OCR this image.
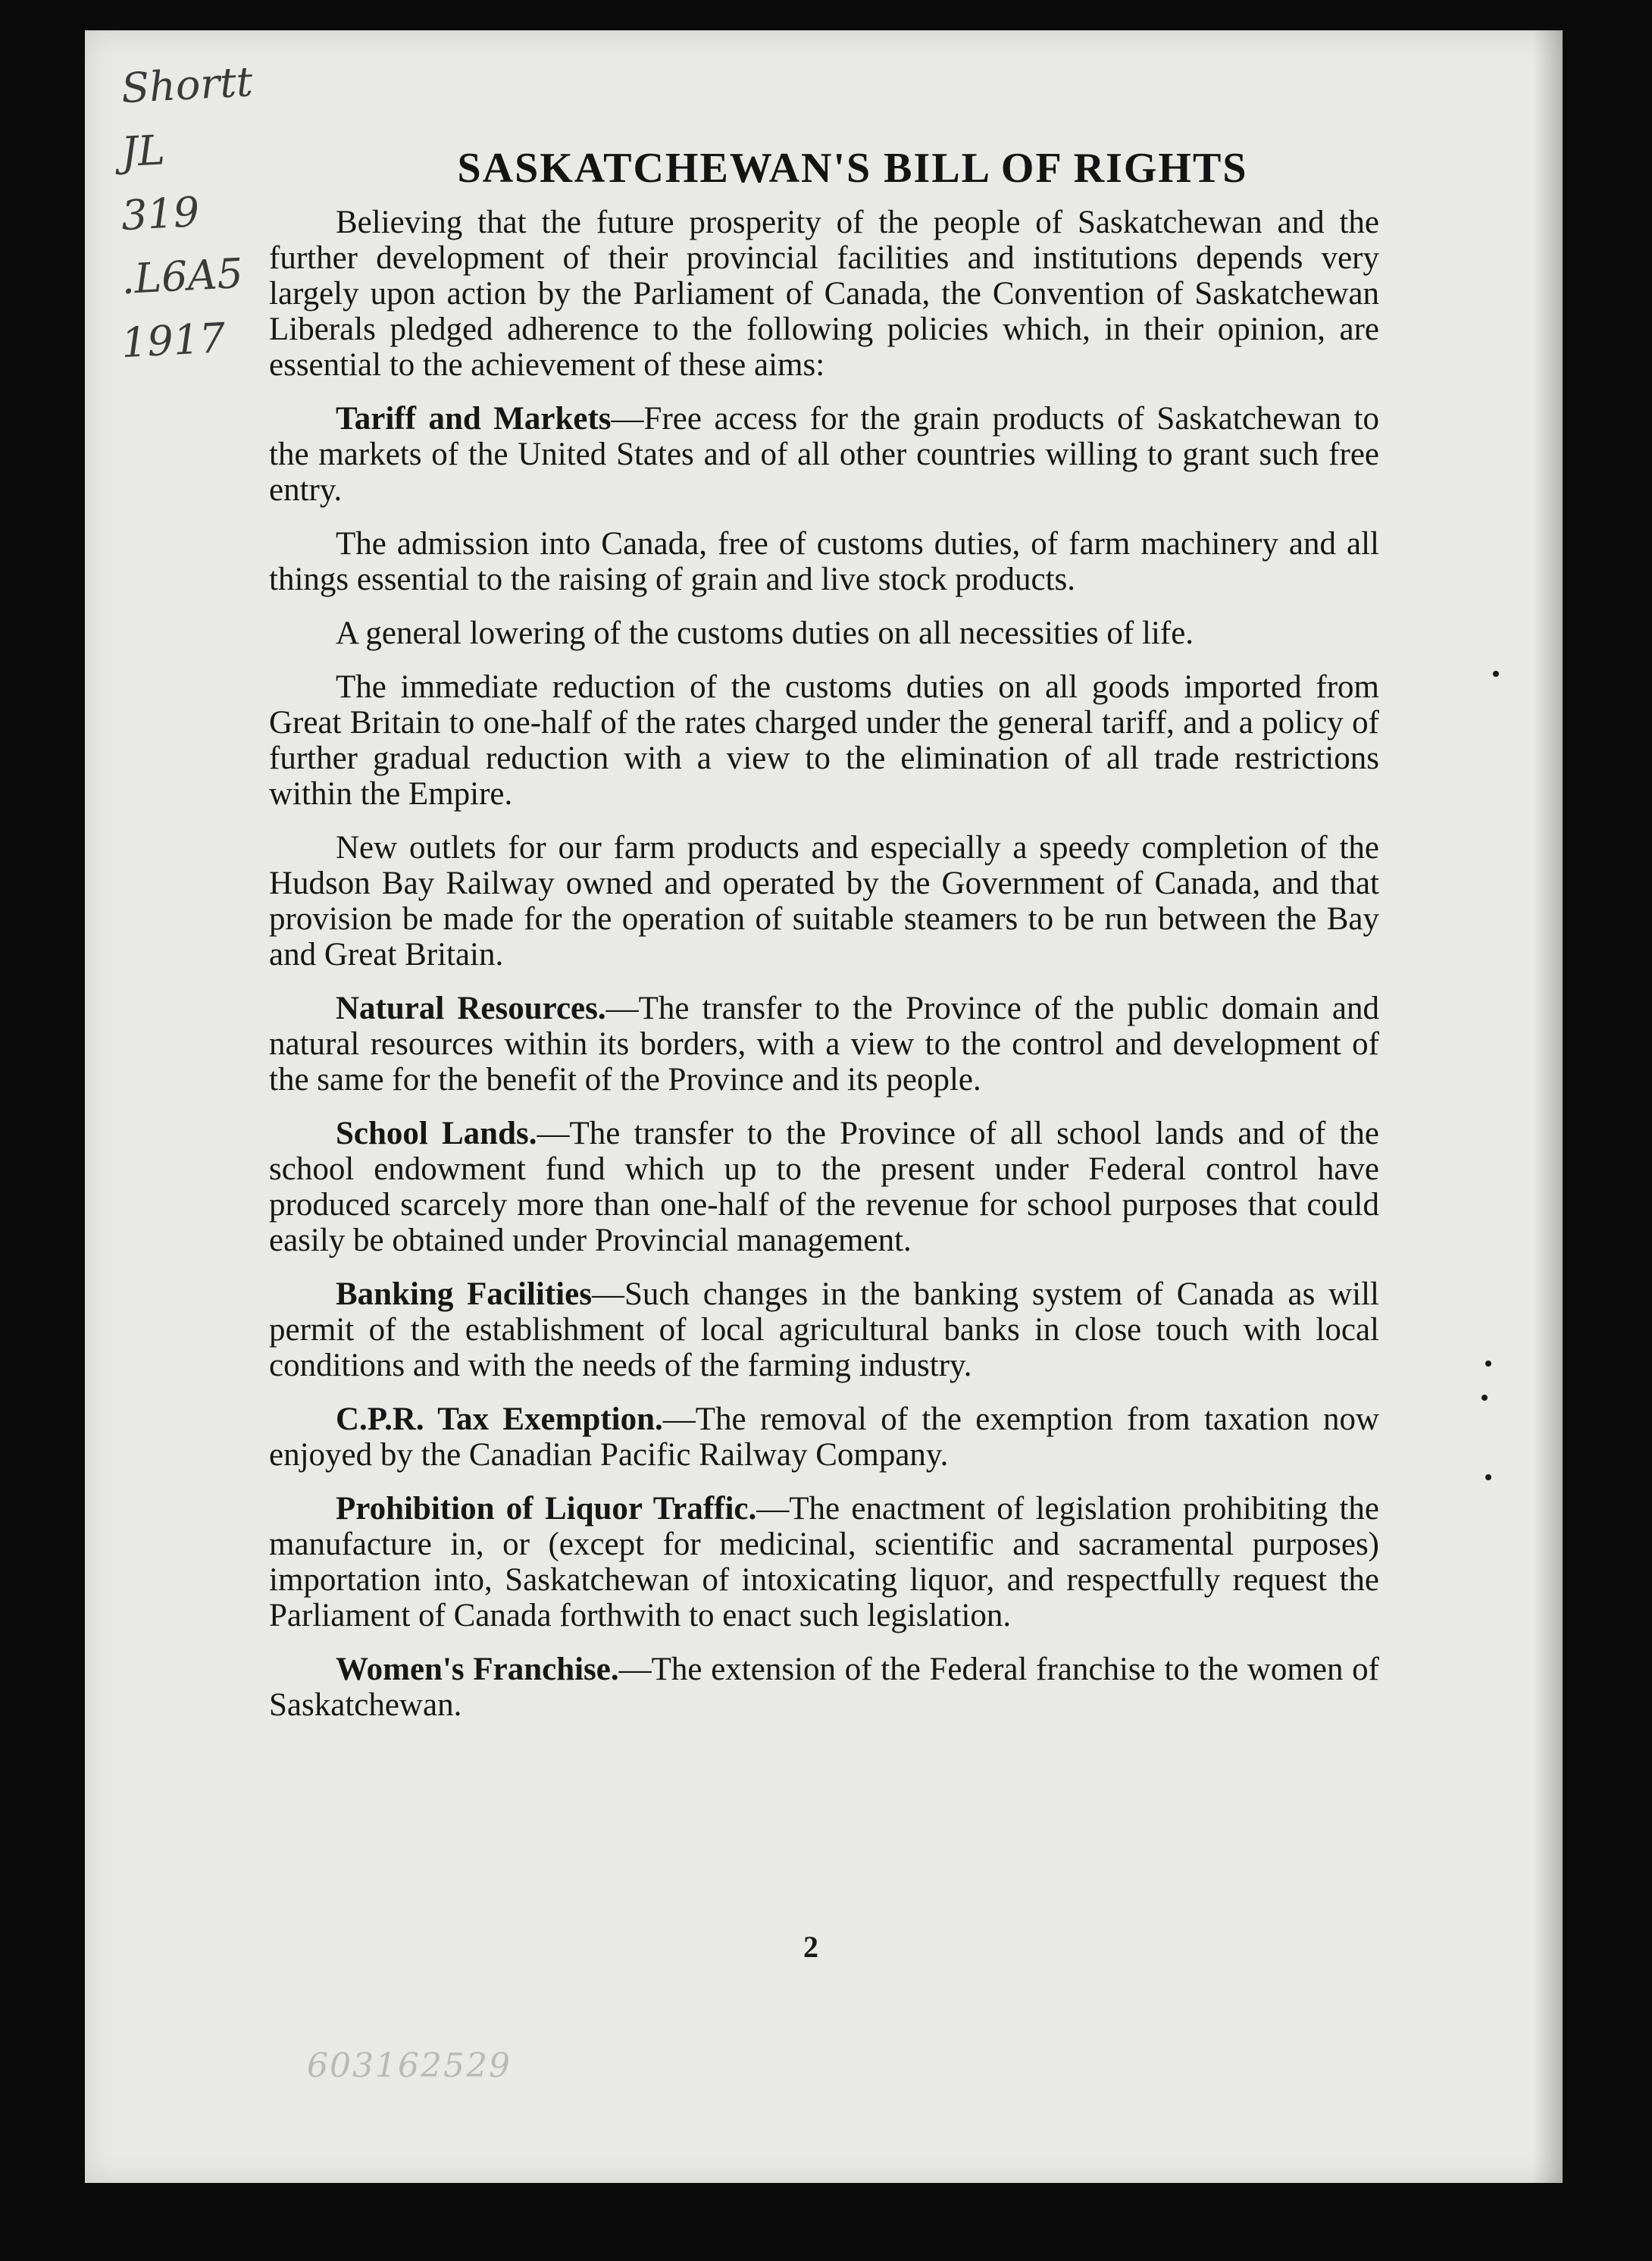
Shortt
JL
319
.L6A5
1917
SASKATCHEWAN'S BILL OF RIGHTS

Believing that the future prosperity of the people of Saskatchewan and the further development of their provincial facilities and institutions depends very largely upon action by the Parliament of Canada, the Convention of Saskatchewan Liberals pledged adherence to the following policies which, in their opinion, are essential to the achievement of these aims:

Tariff and Markets—Free access for the grain products of Saskatchewan to the markets of the United States and of all other countries willing to grant such free entry.

The admission into Canada, free of customs duties, of farm machinery and all things essential to the raising of grain and live stock products.

A general lowering of the customs duties on all necessities of life.

The immediate reduction of the customs duties on all goods imported from Great Britain to one-half of the rates charged under the general tariff, and a policy of further gradual reduction with a view to the elimination of all trade restrictions within the Empire.

New outlets for our farm products and especially a speedy completion of the Hudson Bay Railway owned and operated by the Government of Canada, and that provision be made for the operation of suitable steamers to be run between the Bay and Great Britain.

Natural Resources.—The transfer to the Province of the public domain and natural resources within its borders, with a view to the control and development of the same for the benefit of the Province and its people.

School Lands.—The transfer to the Province of all school lands and of the school endowment fund which up to the present under Federal control have produced scarcely more than one-half of the revenue for school purposes that could easily be obtained under Provincial management.

Banking Facilities—Such changes in the banking system of Canada as will permit of the establishment of local agricultural banks in close touch with local conditions and with the needs of the farming industry.

C.P.R. Tax Exemption.—The removal of the exemption from taxation now enjoyed by the Canadian Pacific Railway Company.

Prohibition of Liquor Traffic.—The enactment of legislation prohibiting the manufacture in, or (except for medicinal, scientific and sacramental purposes) importation into, Saskatchewan of intoxicating liquor, and respectfully request the Parliament of Canada forthwith to enact such legislation.

Women's Franchise.—The extension of the Federal franchise to the women of Saskatchewan.

2
603162529
